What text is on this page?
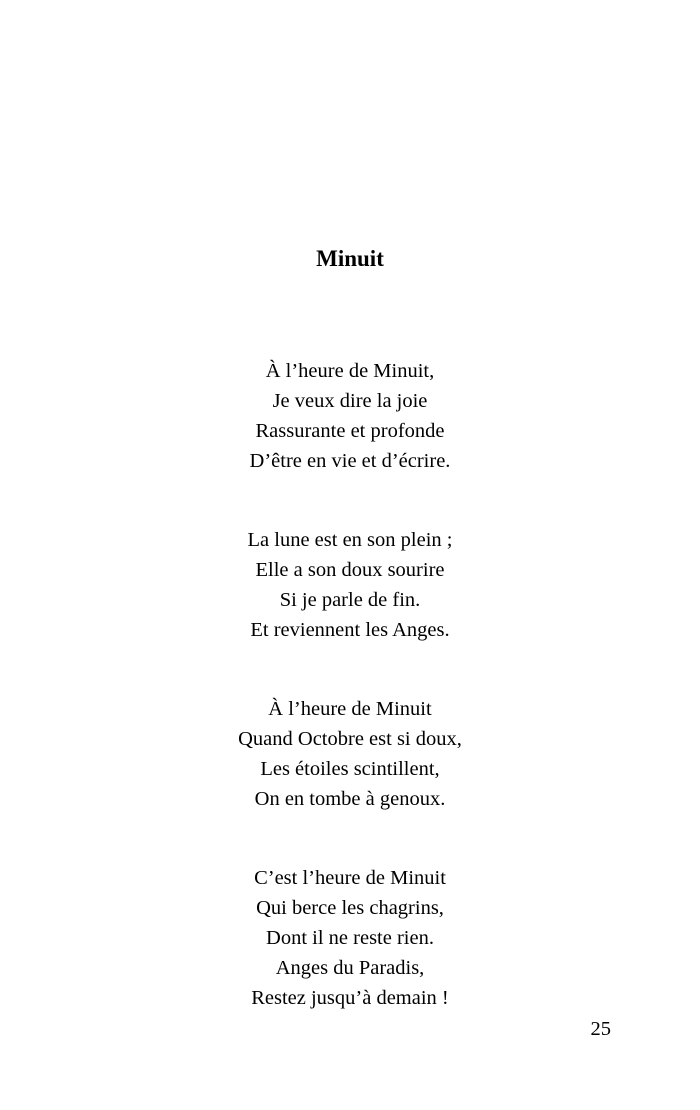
Minuit
À l’heure de Minuit,
Je veux dire la joie
Rassurante et profonde
D’être en vie et d’écrire.
La lune est en son plein ;
Elle a son doux sourire
Si je parle de fin.
Et reviennent les Anges.
À l’heure de Minuit
Quand Octobre est si doux,
Les étoiles scintillent,
On en tombe à genoux.
C’est l’heure de Minuit
Qui berce les chagrins,
Dont il ne reste rien.
Anges du Paradis,
Restez jusqu’à demain !
25
